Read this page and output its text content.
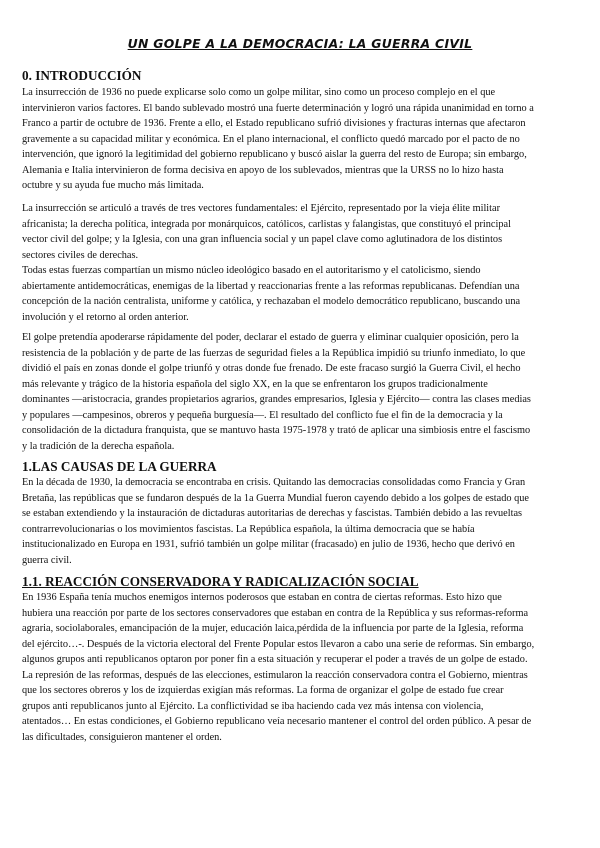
UN GOLPE A LA DEMOCRACIA: LA GUERRA CIVIL
0. INTRODUCCIÓN
La insurrección de 1936 no puede explicarse solo como un golpe militar, sino como un proceso complejo en el que
intervinieron varios factores. El bando sublevado mostró una fuerte determinación y logró una rápida unanimidad en torno a
Franco a partir de octubre de 1936. Frente a ello, el Estado republicano sufrió divisiones y fracturas internas que afectaron
gravemente a su capacidad militar y económica. En el plano internacional, el conflicto quedó marcado por el pacto de no
intervención, que ignoró la legitimidad del gobierno republicano y buscó aislar la guerra del resto de Europa; sin embargo,
Alemania e Italia intervinieron de forma decisiva en apoyo de los sublevados, mientras que la URSS no lo hizo hasta
octubre y su ayuda fue mucho más limitada.
La insurrección se articuló a través de tres vectores fundamentales: el Ejército, representado por la vieja élite militar
africanista; la derecha política, integrada por monárquicos, católicos, carlistas y falangistas, que constituyó el principal
vector civil del golpe; y la Iglesia, con una gran influencia social y un papel clave como aglutinadora de los distintos
sectores civiles de derechas.
Todas estas fuerzas compartían un mismo núcleo ideológico basado en el autoritarismo y el catolicismo, siendo
abiertamente antidemocráticas, enemigas de la libertad y reaccionarias frente a las reformas republicanas. Defendían una
concepción de la nación centralista, uniforme y católica, y rechazaban el modelo democrático republicano, buscando una
involución y el retorno al orden anterior.
El golpe pretendía apoderarse rápidamente del poder, declarar el estado de guerra y eliminar cualquier oposición, pero la
resistencia de la población y de parte de las fuerzas de seguridad fieles a la República impidió su triunfo inmediato, lo que
dividió el país en zonas donde el golpe triunfó y otras donde fue frenado. De este fracaso surgió la Guerra Civil, el hecho
más relevante y trágico de la historia española del siglo XX, en la que se enfrentaron los grupos tradicionalmente
dominantes —aristocracia, grandes propietarios agrarios, grandes empresarios, Iglesia y Ejército— contra las clases medias
y populares —campesinos, obreros y pequeña burguesía—. El resultado del conflicto fue el fin de la democracia y la
consolidación de la dictadura franquista, que se mantuvo hasta 1975-1978 y trató de aplicar una simbiosis entre el fascismo
y la tradición de la derecha española.
1.LAS CAUSAS DE LA GUERRA
En la década de 1930, la democracia se encontraba en crisis. Quitando las democracias consolidadas como Francia y Gran
Bretaña, las repúblicas que se fundaron después de la 1a Guerra Mundial fueron cayendo debido a los golpes de estado que
se estaban extendiendo y la instauración de dictaduras autoritarias de derechas y fascistas. También debido a las revueltas
contrarrevolucionarias o los movimientos fascistas. La República española, la última democracia que se había
institucionalizado en Europa en 1931, sufrió también un golpe militar (fracasado) en julio de 1936, hecho que derivó en
guerra civil.
1.1. REACCIÓN CONSERVADORA Y RADICALIZACIÓN SOCIAL
En 1936 España tenía muchos enemigos internos poderosos que estaban en contra de ciertas reformas. Esto hizo que
hubiera una reacción por parte de los sectores conservadores que estaban en contra de la República y sus reformas-reforma
agraria, sociolaborales, emancipación de la mujer, educación laica,pérdida de la influencia por parte de la Iglesia, reforma
del ejército…-. Después de la victoria electoral del Frente Popular estos llevaron a cabo una serie de reformas. Sin embargo,
algunos grupos anti republicanos optaron por poner fin a esta situación y recuperar el poder a través de un golpe de estado.
La represión de las reformas, después de las elecciones, estimularon la reacción conservadora contra el Gobierno, mientras
que los sectores obreros y los de izquierdas exigían más reformas. La forma de organizar el golpe de estado fue crear
grupos anti republicanos junto al Ejército. La conflictividad se iba haciendo cada vez más intensa con violencia,
atentados… En estas condiciones, el Gobierno republicano veía necesario mantener el control del orden público. A pesar de
las dificultades, consiguieron mantener el orden.
